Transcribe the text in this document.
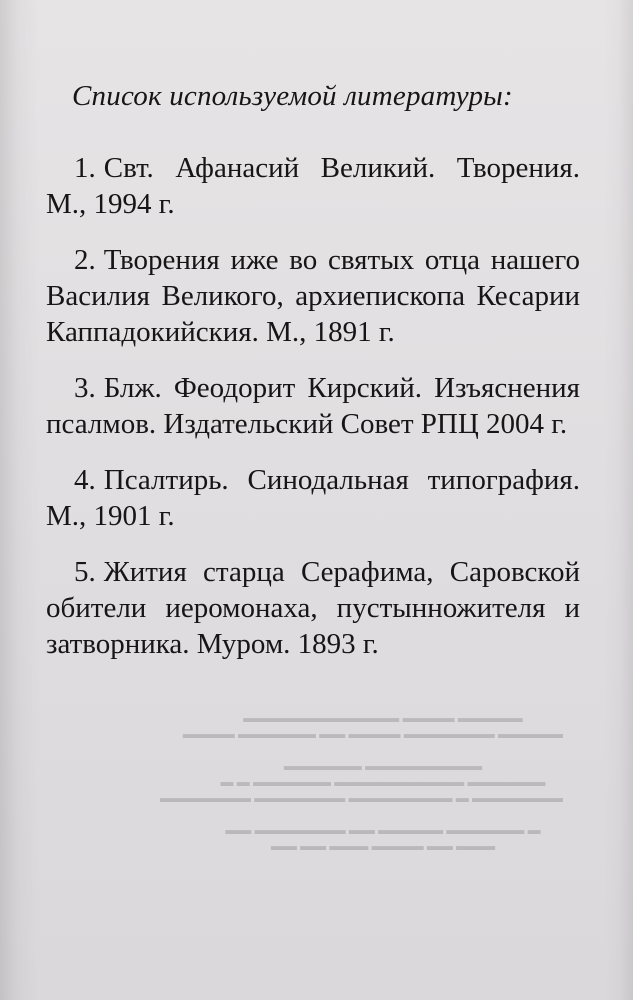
▬▬▬▬▬ ▬▬▬▬ ▬▬▬▬▬▬▬▬▬▬▬▬
▬▬▬▬▬ ▬▬▬▬▬▬▬ ▬▬▬▬ ▬▬ ▬▬▬▬▬▬ ▬▬▬▬

▬▬▬▬▬▬▬▬▬ ▬▬▬▬▬▬
▬▬▬▬▬▬ ▬▬▬▬▬▬▬▬▬▬ ▬▬▬▬▬▬ ▬ ▬
▬▬▬▬▬▬▬ ▬ ▬▬▬▬▬▬▬▬ ▬▬▬▬▬▬▬ ▬▬▬▬▬▬▬

▬ ▬▬▬▬▬▬ ▬▬▬▬▬ ▬▬ ▬▬▬▬▬▬▬ ▬▬
▬▬▬ ▬▬ ▬▬▬▬ ▬▬▬ ▬▬ ▬▬
Список используемой литературы:

1. Свт. Афанасий Великий. Творения. М., 1994 г.

2. Творения иже во святых отца нашего Василия Великого, архиепископа Кесарии Каппадокийския. М., 1891 г.

3. Блж. Феодорит Кирский. Изъяснения псалмов. Издательский Совет РПЦ 2004 г.

4. Псалтирь. Синодальная типография. М., 1901 г.

5. Жития старца Серафима, Саровской обители иеромонаха, пустынножителя и затворника. Муром. 1893 г.
